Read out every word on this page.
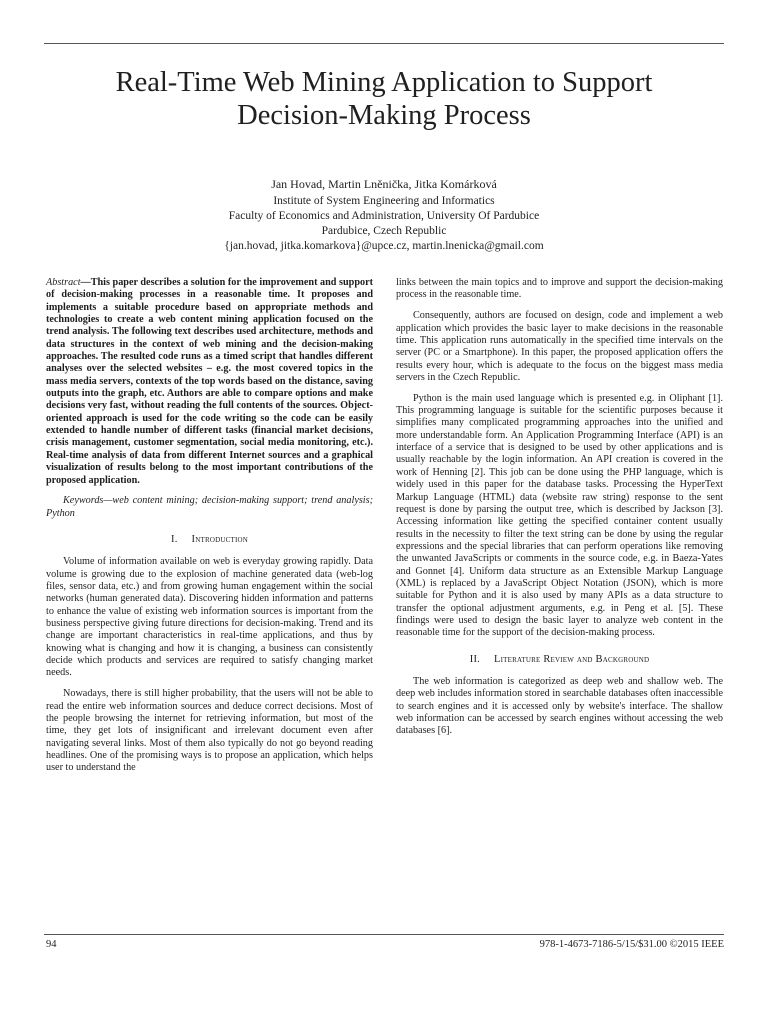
Real-Time Web Mining Application to Support
Decision-Making Process
Jan Hovad, Martin Lněnička, Jitka Komárková
Institute of System Engineering and Informatics
Faculty of Economics and Administration, University Of Pardubice
Pardubice, Czech Republic
{jan.hovad, jitka.komarkova}@upce.cz, martin.lnenicka@gmail.com

Abstract—This paper describes a solution for the improvement and support of decision-making processes in a reasonable time. It proposes and implements a suitable procedure based on appropriate methods and technologies to create a web content mining application focused on the trend analysis. The following text describes used architecture, methods and data structures in the context of web mining and the decision-making approaches. The resulted code runs as a timed script that handles different analyses over the selected websites – e.g. the most covered topics in the mass media servers, contexts of the top words based on the distance, saving outputs into the graph, etc. Authors are able to compare options and make decisions very fast, without reading the full contents of the sources. Object-oriented approach is used for the code writing so the code can be easily extended to handle number of different tasks (financial market decisions, crisis management, customer segmentation, social media monitoring, etc.). Real-time analysis of data from different Internet sources and a graphical visualization of results belong to the most important contributions of the proposed application.

Keywords—web content mining; decision-making support; trend analysis; Python

I. Introduction

Volume of information available on web is everyday growing rapidly. Data volume is growing due to the explosion of machine generated data (web-log files, sensor data, etc.) and from growing human engagement within the social networks (human generated data). Discovering hidden information and patterns to enhance the value of existing web information sources is important from the business perspective giving future directions for decision-making. Trend and its change are important characteristics in real-time applications, and thus by knowing what is changing and how it is changing, a business can consistently decide which products and services are required to satisfy changing market needs.

Nowadays, there is still higher probability, that the users will not be able to read the entire web information sources and deduce correct decisions. Most of the people browsing the internet for retrieving information, but most of the time, they get lots of insignificant and irrelevant document even after navigating several links. Most of them also typically do not go beyond reading headlines. One of the promising ways is to propose an application, which helps user to understand the

links between the main topics and to improve and support the decision-making process in the reasonable time.

Consequently, authors are focused on design, code and implement a web application which provides the basic layer to make decisions in the reasonable time. This application runs automatically in the specified time intervals on the server (PC or a Smartphone). In this paper, the proposed application offers the results every hour, which is adequate to the focus on the biggest mass media servers in the Czech Republic.

Python is the main used language which is presented e.g. in Oliphant [1]. This programming language is suitable for the scientific purposes because it simplifies many complicated programming approaches into the unified and more understandable form. An Application Programming Interface (API) is an interface of a service that is designed to be used by other applications and is usually reachable by the login information. An API creation is covered in the work of Henning [2]. This job can be done using the PHP language, which is widely used in this paper for the database tasks. Processing the HyperText Markup Language (HTML) data (website raw string) response to the sent request is done by parsing the output tree, which is described by Jackson [3]. Accessing information like getting the specified container content usually results in the necessity to filter the text string can be done by using the regular expressions and the special libraries that can perform operations like removing the unwanted JavaScripts or comments in the source code, e.g. in Baeza-Yates and Gonnet [4]. Uniform data structure as an Extensible Markup Language (XML) is replaced by a JavaScript Object Notation (JSON), which is more suitable for Python and it is also used by many APIs as a data structure to transfer the optional adjustment arguments, e.g. in Peng et al. [5]. These findings were used to design the basic layer to analyze web content in the reasonable time for the support of the decision-making process.

II. Literature Review and Background

The web information is categorized as deep web and shallow web. The deep web includes information stored in searchable databases often inaccessible to search engines and it is accessed only by website's interface. The shallow web information can be accessed by search engines without accessing the web databases [6].

94	978-1-4673-7186-5/15/$31.00 ©2015 IEEE
